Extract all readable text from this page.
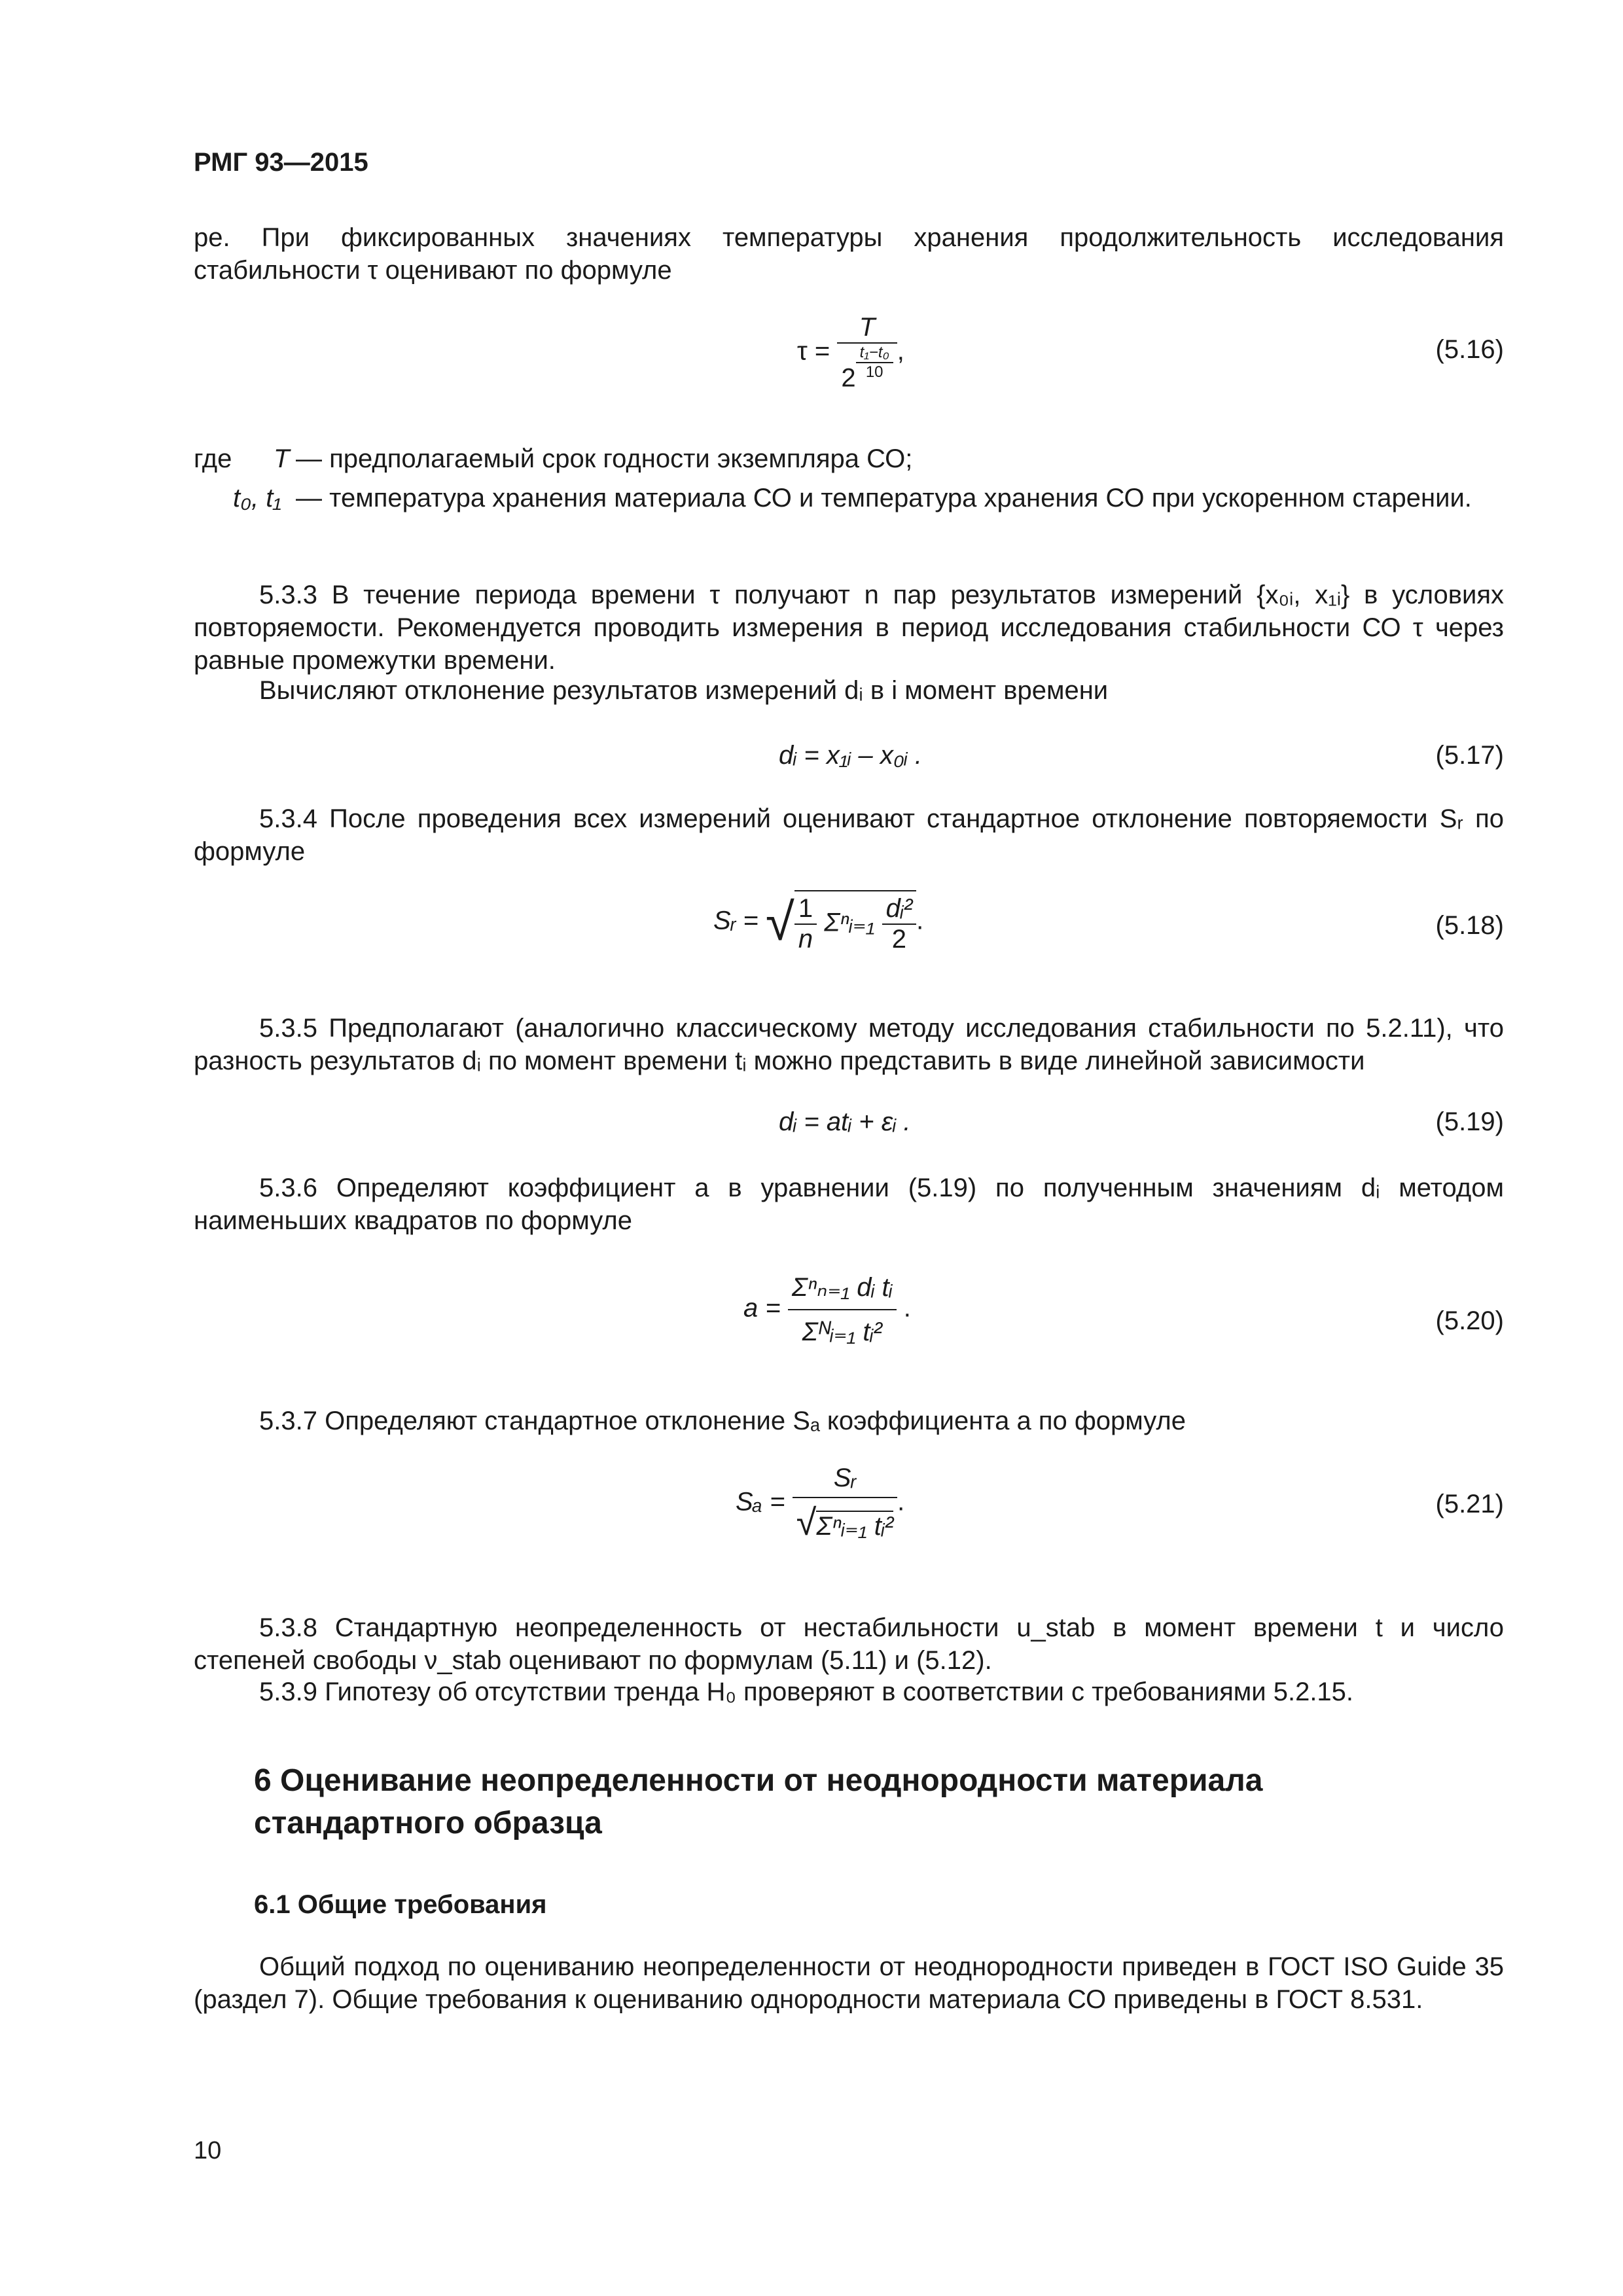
РМГ 93—2015
ре. При фиксированных значениях температуры хранения продолжительность исследования стабильности τ оценивают по формуле
$\tau = \frac{T}{2 \frac{\text{t₁−t₀}}{10}}$ ,	(5.16)
где T — предполагаемый срок годности экземпляра СО;
t₀, t₁ — температура хранения материала СО и температура хранения СО при ускоренном старении.
5.3.3 В течение периода времени τ получают n пар результатов измерений {x₀ᵢ, x₁ᵢ} в условиях повторяемости. Рекомендуется проводить измерения в период исследования стабильности СО τ через равные промежутки времени.
Вычисляют отклонение результатов измерений dᵢ в i момент времени
dᵢ = x₁ᵢ – x₀ᵢ .	(5.17)
5.3.4 После проведения всех измерений оценивают стандартное отклонение повторяемости Sᵣ по формуле
Sᵣ = √ $\frac{1}{n}$ Σⁿᵢ₌₁ $\frac{\text{dᵢ²}}{2}$ .	(5.18)
5.3.5 Предполагают (аналогично классическому методу исследования стабильности по 5.2.11), что разность результатов dᵢ по момент времени tᵢ можно представить в виде линейной зависимости
dᵢ = atᵢ + εᵢ .	(5.19)
5.3.6 Определяют коэффициент a в уравнении (5.19) по полученным значениям dᵢ методом наименьших квадратов по формуле
$a = \frac{\text{Σⁿₙ₌₁ dᵢ tᵢ}}{\text{Σᴺᵢ₌₁ tᵢ²}}$ .	(5.20)
5.3.7 Определяют стандартное отклонение Sₐ коэффициента a по формуле
$S_a = \frac{\text{Sᵣ}}{\text{√Σⁿᵢ₌₁ tᵢ²}}$ .	(5.21)
5.3.8 Стандартную неопределенность от нестабильности u_stab в момент времени t и число степеней свободы ν_stab оценивают по формулам (5.11) и (5.12).
5.3.9 Гипотезу об отсутствии тренда H₀ проверяют в соответствии с требованиями 5.2.15.
6 Оценивание неопределенности от неоднородности материала стандартного образца
6.1 Общие требования
Общий подход по оцениванию неопределенности от неоднородности приведен в ГОСТ ISO Guide 35 (раздел 7). Общие требования к оцениванию однородности материала СО приведены в ГОСТ 8.531.
10
